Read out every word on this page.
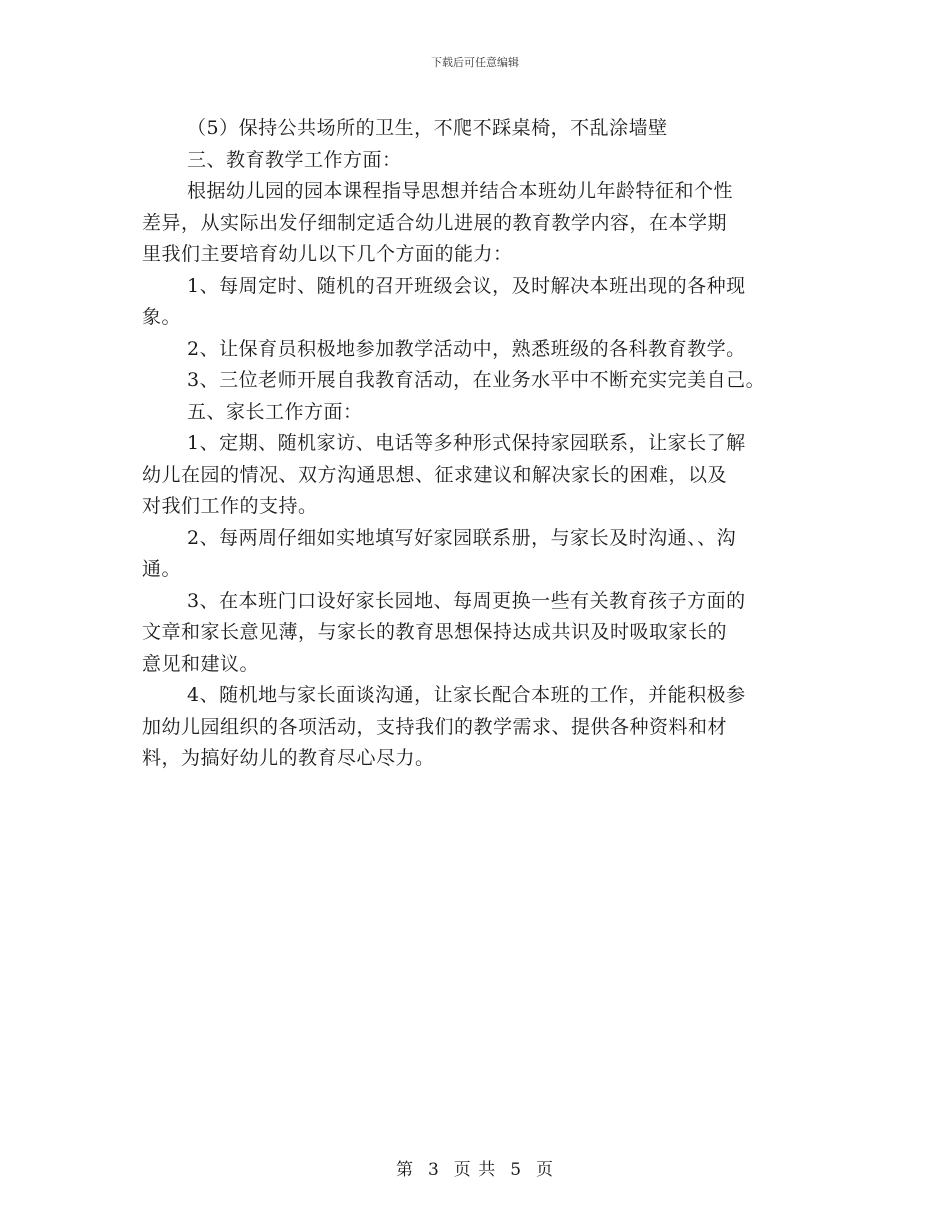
下载后可任意编辑

（5）保持公共场所的卫生，不爬不踩桌椅，不乱涂墙壁

三、教育教学工作方面：

根据幼儿园的园本课程指导思想并结合本班幼儿年龄特征和个性

差异，从实际出发仔细制定适合幼儿进展的教育教学内容，在本学期

里我们主要培育幼儿以下几个方面的能力：

1、每周定时、随机的召开班级会议，及时解决本班出现的各种现

象。

2、让保育员积极地参加教学活动中，熟悉班级的各科教育教学。

3、三位老师开展自我教育活动，在业务水平中不断充实完美自己。

五、家长工作方面：

1、定期、随机家访、电话等多种形式保持家园联系，让家长了解

幼儿在园的情况、双方沟通思想、征求建议和解决家长的困难，以及

对我们工作的支持。

2、每两周仔细如实地填写好家园联系册，与家长及时沟通、、沟

通。

3、在本班门口设好家长园地、每周更换一些有关教育孩子方面的

文章和家长意见薄，与家长的教育思想保持达成共识及时吸取家长的

意见和建议。

4、随机地与家长面谈沟通，让家长配合本班的工作，并能积极参

加幼儿园组织的各项活动，支持我们的教学需求、提供各种资料和材

料，为搞好幼儿的教育尽心尽力。

第 3 页 共 5 页
